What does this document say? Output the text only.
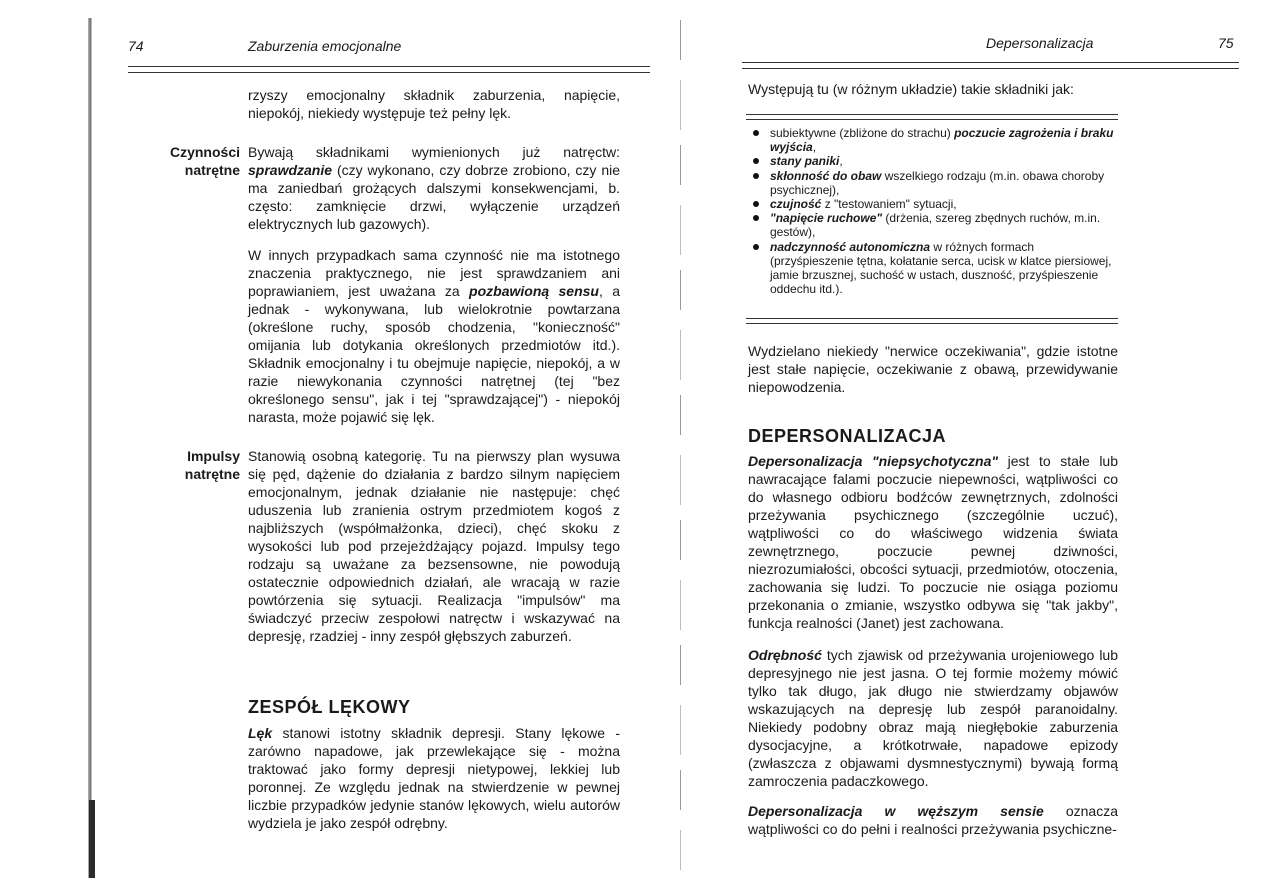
74	Zaburzenia emocjonalne

rzyszy emocjonalny składnik zaburzenia, napięcie, niepokój, niekiedy występuje też pełny lęk.

Czynności natrętne

Bywają składnikami wymienionych już natręctw: sprawdzanie (czy wykonano, czy dobrze zrobiono, czy nie ma zaniedbań grożących dalszymi konsekwencjami, b. często: zamknięcie drzwi, wyłączenie urządzeń elektrycznych lub gazowych).

W innych przypadkach sama czynność nie ma istotnego znaczenia praktycznego, nie jest sprawdzaniem ani poprawianiem, jest uważana za pozbawioną sensu, a jednak - wykonywana, lub wielokrotnie powtarzana (określone ruchy, sposób chodzenia, "konieczność" omijania lub dotykania określonych przedmiotów itd.). Składnik emocjonalny i tu obejmuje napięcie, niepokój, a w razie niewykonania czynności natrętnej (tej "bez określonego sensu", jak i tej "sprawdzającej") - niepokój narasta, może pojawić się lęk.

Impulsy natrętne

Stanowią osobną kategorię. Tu na pierwszy plan wysuwa się pęd, dążenie do działania z bardzo silnym napięciem emocjonalnym, jednak działanie nie następuje: chęć uduszenia lub zranienia ostrym przedmiotem kogoś z najbliższych (współmałżonka, dzieci), chęć skoku z wysokości lub pod przejeżdżający pojazd. Impulsy tego rodzaju są uważane za bezsensowne, nie powodują ostatecznie odpowiednich działań, ale wracają w razie powtórzenia się sytuacji. Realizacja "impulsów" ma świadczyć przeciw zespołowi natręctw i wskazywać na depresję, rzadziej - inny zespół głębszych zaburzeń.

ZESPÓŁ LĘKOWY

Lęk stanowi istotny składnik depresji. Stany lękowe - zarówno napadowe, jak przewlekające się - można traktować jako formy depresji nietypowej, lekkiej lub poronnej. Ze względu jednak na stwierdzenie w pewnej liczbie przypadków jedynie stanów lękowych, wielu autorów wydziela je jako zespół odrębny.

Depersonalizacja	75
Występują tu (w różnym układzie) takie składniki jak:
subiektywne (zbliżone do strachu) poczucie zagrożenia i braku wyjścia,
stany paniki,
skłonność do obaw wszelkiego rodzaju (m.in. obawa choroby psychicznej),
czujność z "testowaniem" sytuacji,
"napięcie ruchowe" (drżenia, szereg zbędnych ruchów, m.in. gestów),
nadczynność autonomiczna w różnych formach (przyśpieszenie tętna, kołatanie serca, ucisk w klatce piersiowej, jamie brzusznej, suchość w ustach, duszność, przyśpieszenie oddechu itd.).

Wydzielano niekiedy "nerwice oczekiwania", gdzie istotne jest stałe napięcie, oczekiwanie z obawą, przewidywanie niepowodzenia.

DEPERSONALIZACJA

Depersonalizacja "niepsychotyczna" jest to stałe lub nawracające falami poczucie niepewności, wątpliwości co do własnego odbioru bodźców zewnętrznych, zdolności przeżywania psychicznego (szczególnie uczuć), wątpliwości co do właściwego widzenia świata zewnętrznego, poczucie pewnej dziwności, niezrozumiałości, obcości sytuacji, przedmiotów, otoczenia, zachowania się ludzi. To poczucie nie osiąga poziomu przekonania o zmianie, wszystko odbywa się "tak jakby", funkcja realności (Janet) jest zachowana.

Odrębność tych zjawisk od przeżywania urojeniowego lub depresyjnego nie jest jasna. O tej formie możemy mówić tylko tak długo, jak długo nie stwierdzamy objawów wskazujących na depresję lub zespół paranoidalny. Niekiedy podobny obraz mają niegłębokie zaburzenia dysocjacyjne, a krótkotrwałe, napadowe epizody (zwłaszcza z objawami dysmnestycznymi) bywają formą zamroczenia padaczkowego.

Depersonalizacja w węższym sensie oznacza wątpliwości co do pełni i realności przeżywania psychiczne-
